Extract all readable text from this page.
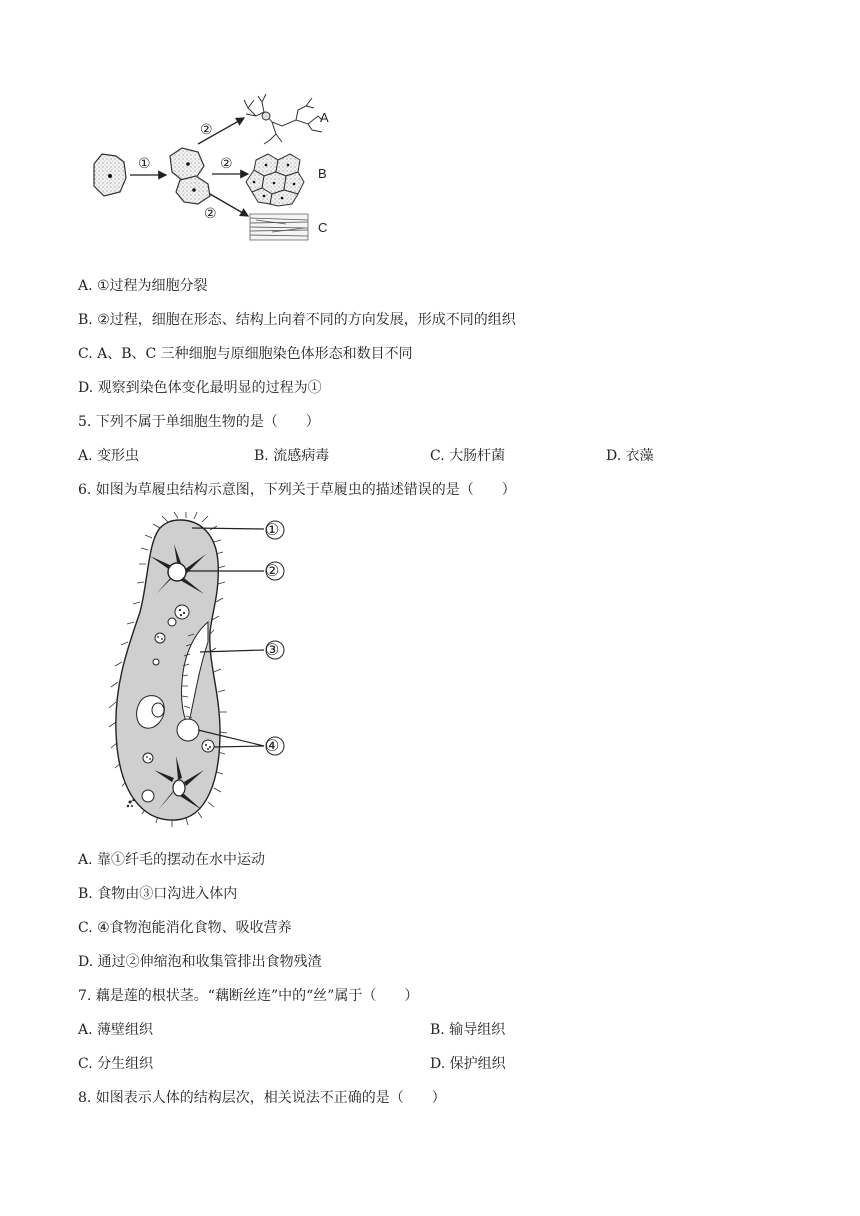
①
②
②
②
A
B
C
A. ①过程为细胞分裂
B. ②过程，细胞在形态、结构上向着不同的方向发展，形成不同的组织
C. A、B、C 三种细胞与原细胞染色体形态和数目不同
D. 观察到染色体变化最明显的过程为①
5. 下列不属于单细胞生物的是（　　）
A. 变形虫	B. 流感病毒	C. 大肠杆菌	D. 衣藻
6. 如图为草履虫结构示意图，下列关于草履虫的描述错误的是（　　）
①
②
③
④
A. 靠①纤毛的摆动在水中运动
B. 食物由③口沟进入体内
C. ④食物泡能消化食物、吸收营养
D. 通过②伸缩泡和收集管排出食物残渣
7. 藕是莲的根状茎。“藕断丝连”中的“丝”属于（　　）
A. 薄壁组织	B. 输导组织
C. 分生组织	D. 保护组织
8. 如图表示人体的结构层次，相关说法不正确的是（　　）
